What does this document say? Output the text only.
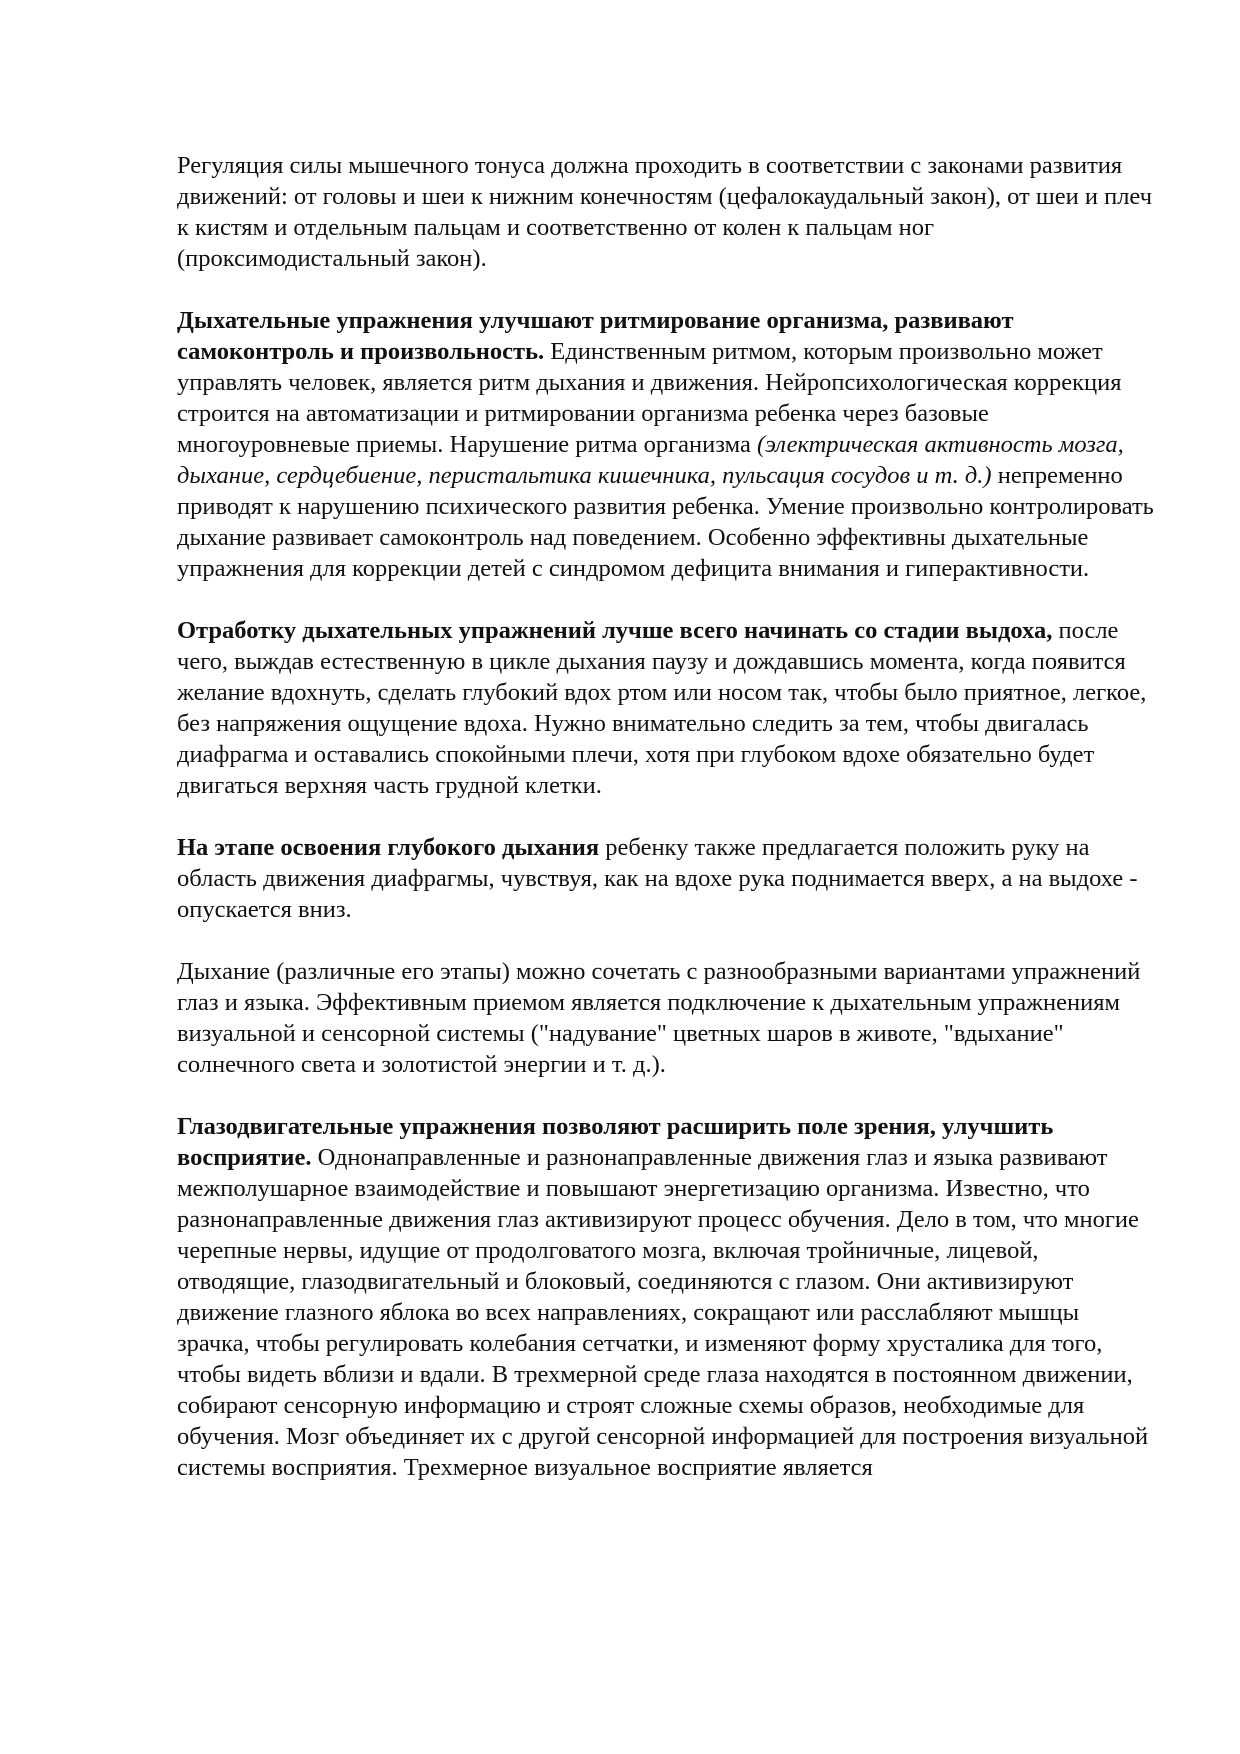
Регуляция силы мышечного тонуса должна проходить в соответствии с законами развития движений: от головы и шеи к нижним конечностям (цефалокаудальный закон), от шеи и плеч к кистям и отдельным пальцам и соответственно от колен к пальцам ног (проксимодистальный закон).

Дыхательные упражнения улучшают ритмирование организма, развивают самоконтроль и произвольность. Единственным ритмом, которым произвольно может управлять человек, является ритм дыхания и движения. Нейропсихологическая коррекция строится на автоматизации и ритмировании организма ребенка через базовые многоуровневые приемы. Нарушение ритма организма (электрическая активность мозга, дыхание, сердцебиение, перистальтика кишечника, пульсация сосудов и т. д.) непременно приводят к нарушению психического развития ребенка. Умение произвольно контролировать дыхание развивает самоконтроль над поведением. Особенно эффективны дыхательные упражнения для коррекции детей с синдромом дефицита внимания и гиперактивности.

Отработку дыхательных упражнений лучше всего начинать со стадии выдоха, после чего, выждав естественную в цикле дыхания паузу и дождавшись момента, когда появится желание вдохнуть, сделать глубокий вдох ртом или носом так, чтобы было приятное, легкое, без напряжения ощущение вдоха. Нужно внимательно следить за тем, чтобы двигалась диафрагма и оставались спокойными плечи, хотя при глубоком вдохе обязательно будет двигаться верхняя часть грудной клетки.

На этапе освоения глубокого дыхания ребенку также предлагается положить руку на область движения диафрагмы, чувствуя, как на вдохе рука поднимается вверх, а на выдохе - опускается вниз.

Дыхание (различные его этапы) можно сочетать с разнообразными вариантами упражнений глаз и языка. Эффективным приемом является подключение к дыхательным упражнениям визуальной и сенсорной системы ("надувание" цветных шаров в животе, "вдыхание" солнечного света и золотистой энергии и т. д.).

Глазодвигательные упражнения позволяют расширить поле зрения, улучшить восприятие. Однонаправленные и разнонаправленные движения глаз и языка развивают межполушарное взаимодействие и повышают энергетизацию организма. Известно, что разнонаправленные движения глаз активизируют процесс обучения. Дело в том, что многие черепные нервы, идущие от продолговатого мозга, включая тройничные, лицевой, отводящие, глазодвигательный и блоковый, соединяются с глазом. Они активизируют движение глазного яблока во всех направлениях, сокращают или расслабляют мышцы зрачка, чтобы регулировать колебания сетчатки, и изменяют форму хрусталика для того, чтобы видеть вблизи и вдали. В трехмерной среде глаза находятся в постоянном движении, собирают сенсорную информацию и строят сложные схемы образов, необходимые для обучения. Мозг объединяет их с другой сенсорной информацией для построения визуальной системы восприятия. Трехмерное визуальное восприятие является
